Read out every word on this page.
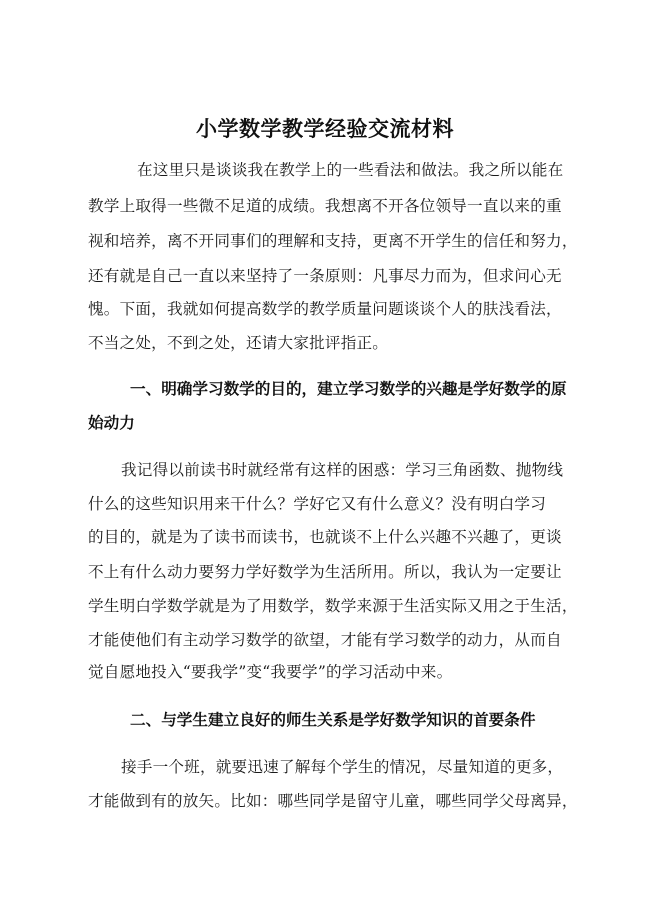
小学数学教学经验交流材料
在这里只是谈谈我在教学上的一些看法和做法。我之所以能在
教学上取得一些微不足道的成绩。我想离不开各位领导一直以来的重
视和培养，离不开同事们的理解和支持，更离不开学生的信任和努力，
还有就是自己一直以来坚持了一条原则：凡事尽力而为，但求问心无
愧。下面，我就如何提高数学的教学质量问题谈谈个人的肤浅看法，
不当之处，不到之处，还请大家批评指正。
一、明确学习数学的目的，建立学习数学的兴趣是学好数学的原
始动力
我记得以前读书时就经常有这样的困惑：学习三角函数、抛物线
什么的这些知识用来干什么？学好它又有什么意义？没有明白学习
的目的，就是为了读书而读书，也就谈不上什么兴趣不兴趣了，更谈
不上有什么动力要努力学好数学为生活所用。所以，我认为一定要让
学生明白学数学就是为了用数学，数学来源于生活实际又用之于生活，
才能使他们有主动学习数学的欲望，才能有学习数学的动力，从而自
觉自愿地投入“要我学”变“我要学”的学习活动中来。
二、与学生建立良好的师生关系是学好数学知识的首要条件
接手一个班，就要迅速了解每个学生的情况，尽量知道的更多，
才能做到有的放矢。比如：哪些同学是留守儿童，哪些同学父母离异，
